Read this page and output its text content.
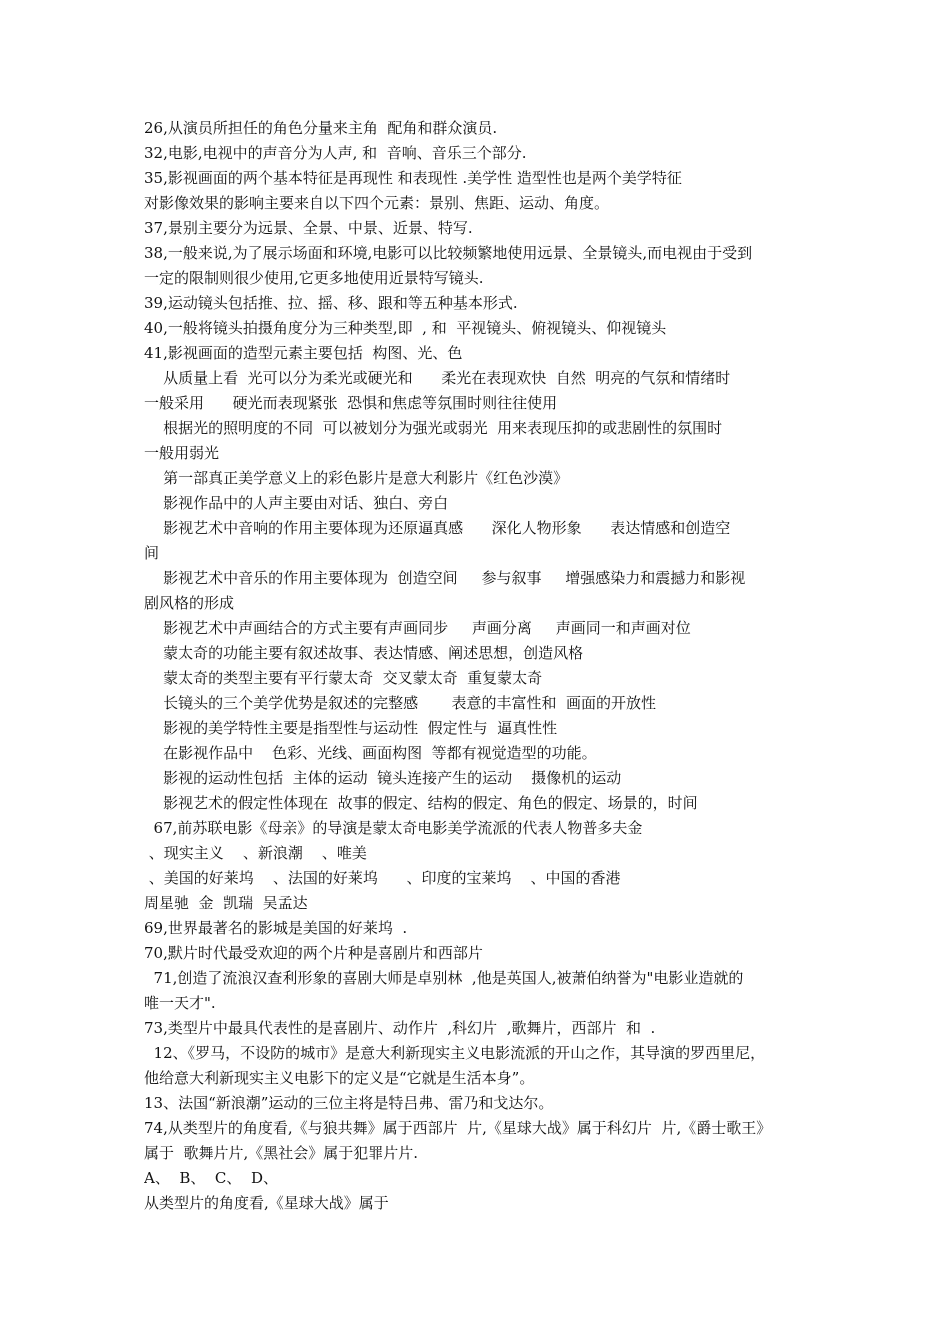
26,从演员所担任的角色分量来主角  配角和群众演员.

32,电影,电视中的声音分为人声, 和  音响、音乐三个部分.

35,影视画面的两个基本特征是再现性 和表现性 .美学性 造型性也是两个美学特征

对影像效果的影响主要来自以下四个元素：景别、焦距、运动、角度。

37,景别主要分为远景、全景、中景、近景、特写.

38,一般来说,为了展示场面和环境,电影可以比较频繁地使用远景、全景镜头,而电视由于受到

一定的限制则很少使用,它更多地使用近景特写镜头.

39,运动镜头包括推、拉、摇、移、跟和等五种基本形式.

40,一般将镜头拍摄角度分为三种类型,即  , 和  平视镜头、俯视镜头、仰视镜头

41,影视画面的造型元素主要包括  构图、光、色

从质量上看  光可以分为柔光或硬光和      柔光在表现欢快  自然  明亮的气氛和情绪时

一般采用      硬光而表现紧张  恐惧和焦虑等氛围时则往往使用

根据光的照明度的不同  可以被划分为强光或弱光  用来表现压抑的或悲剧性的氛围时

一般用弱光

第一部真正美学意义上的彩色影片是意大利影片《红色沙漠》

影视作品中的人声主要由对话、独白、旁白

影视艺术中音响的作用主要体现为还原逼真感      深化人物形象      表达情感和创造空

间

影视艺术中音乐的作用主要体现为  创造空间     参与叙事     增强感染力和震撼力和影视

剧风格的形成

影视艺术中声画结合的方式主要有声画同步     声画分离     声画同一和声画对位

蒙太奇的功能主要有叙述故事、表达情感、阐述思想，创造风格

蒙太奇的类型主要有平行蒙太奇  交叉蒙太奇  重复蒙太奇

长镜头的三个美学优势是叙述的完整感       表意的丰富性和  画面的开放性

影视的美学特性主要是指型性与运动性  假定性与  逼真性性

在影视作品中    色彩、光线、画面构图  等都有视觉造型的功能。

影视的运动性包括  主体的运动  镜头连接产生的运动    摄像机的运动

影视艺术的假定性体现在  故事的假定、结构的假定、角色的假定、场景的，时间

67,前苏联电影《母亲》的导演是蒙太奇电影美学流派的代表人物普多夫金

、现实主义    、新浪潮    、唯美

、美国的好莱坞    、法国的好莱坞      、印度的宝莱坞    、中国的香港

周星驰  金  凯瑞  吴孟达

69,世界最著名的影城是美国的好莱坞  .

70,默片时代最受欢迎的两个片种是喜剧片和西部片

71,创造了流浪汉查利形象的喜剧大师是卓别林  ,他是英国人,被萧伯纳誉为"电影业造就的

唯一天才".

73,类型片中最具代表性的是喜剧片、动作片  ,科幻片  ,歌舞片，西部片  和  .

12、《罗马，不设防的城市》是意大利新现实主义电影流派的开山之作，其导演的罗西里尼，

他给意大利新现实主义电影下的定义是“它就是生活本身”。

13、法国“新浪潮”运动的三位主将是特吕弗、雷乃和戈达尔。

74,从类型片的角度看,《与狼共舞》属于西部片  片,《星球大战》属于科幻片  片,《爵士歌王》

属于  歌舞片片,《黑社会》属于犯罪片片.

A、  B、  C、  D、

从类型片的角度看,《星球大战》属于
